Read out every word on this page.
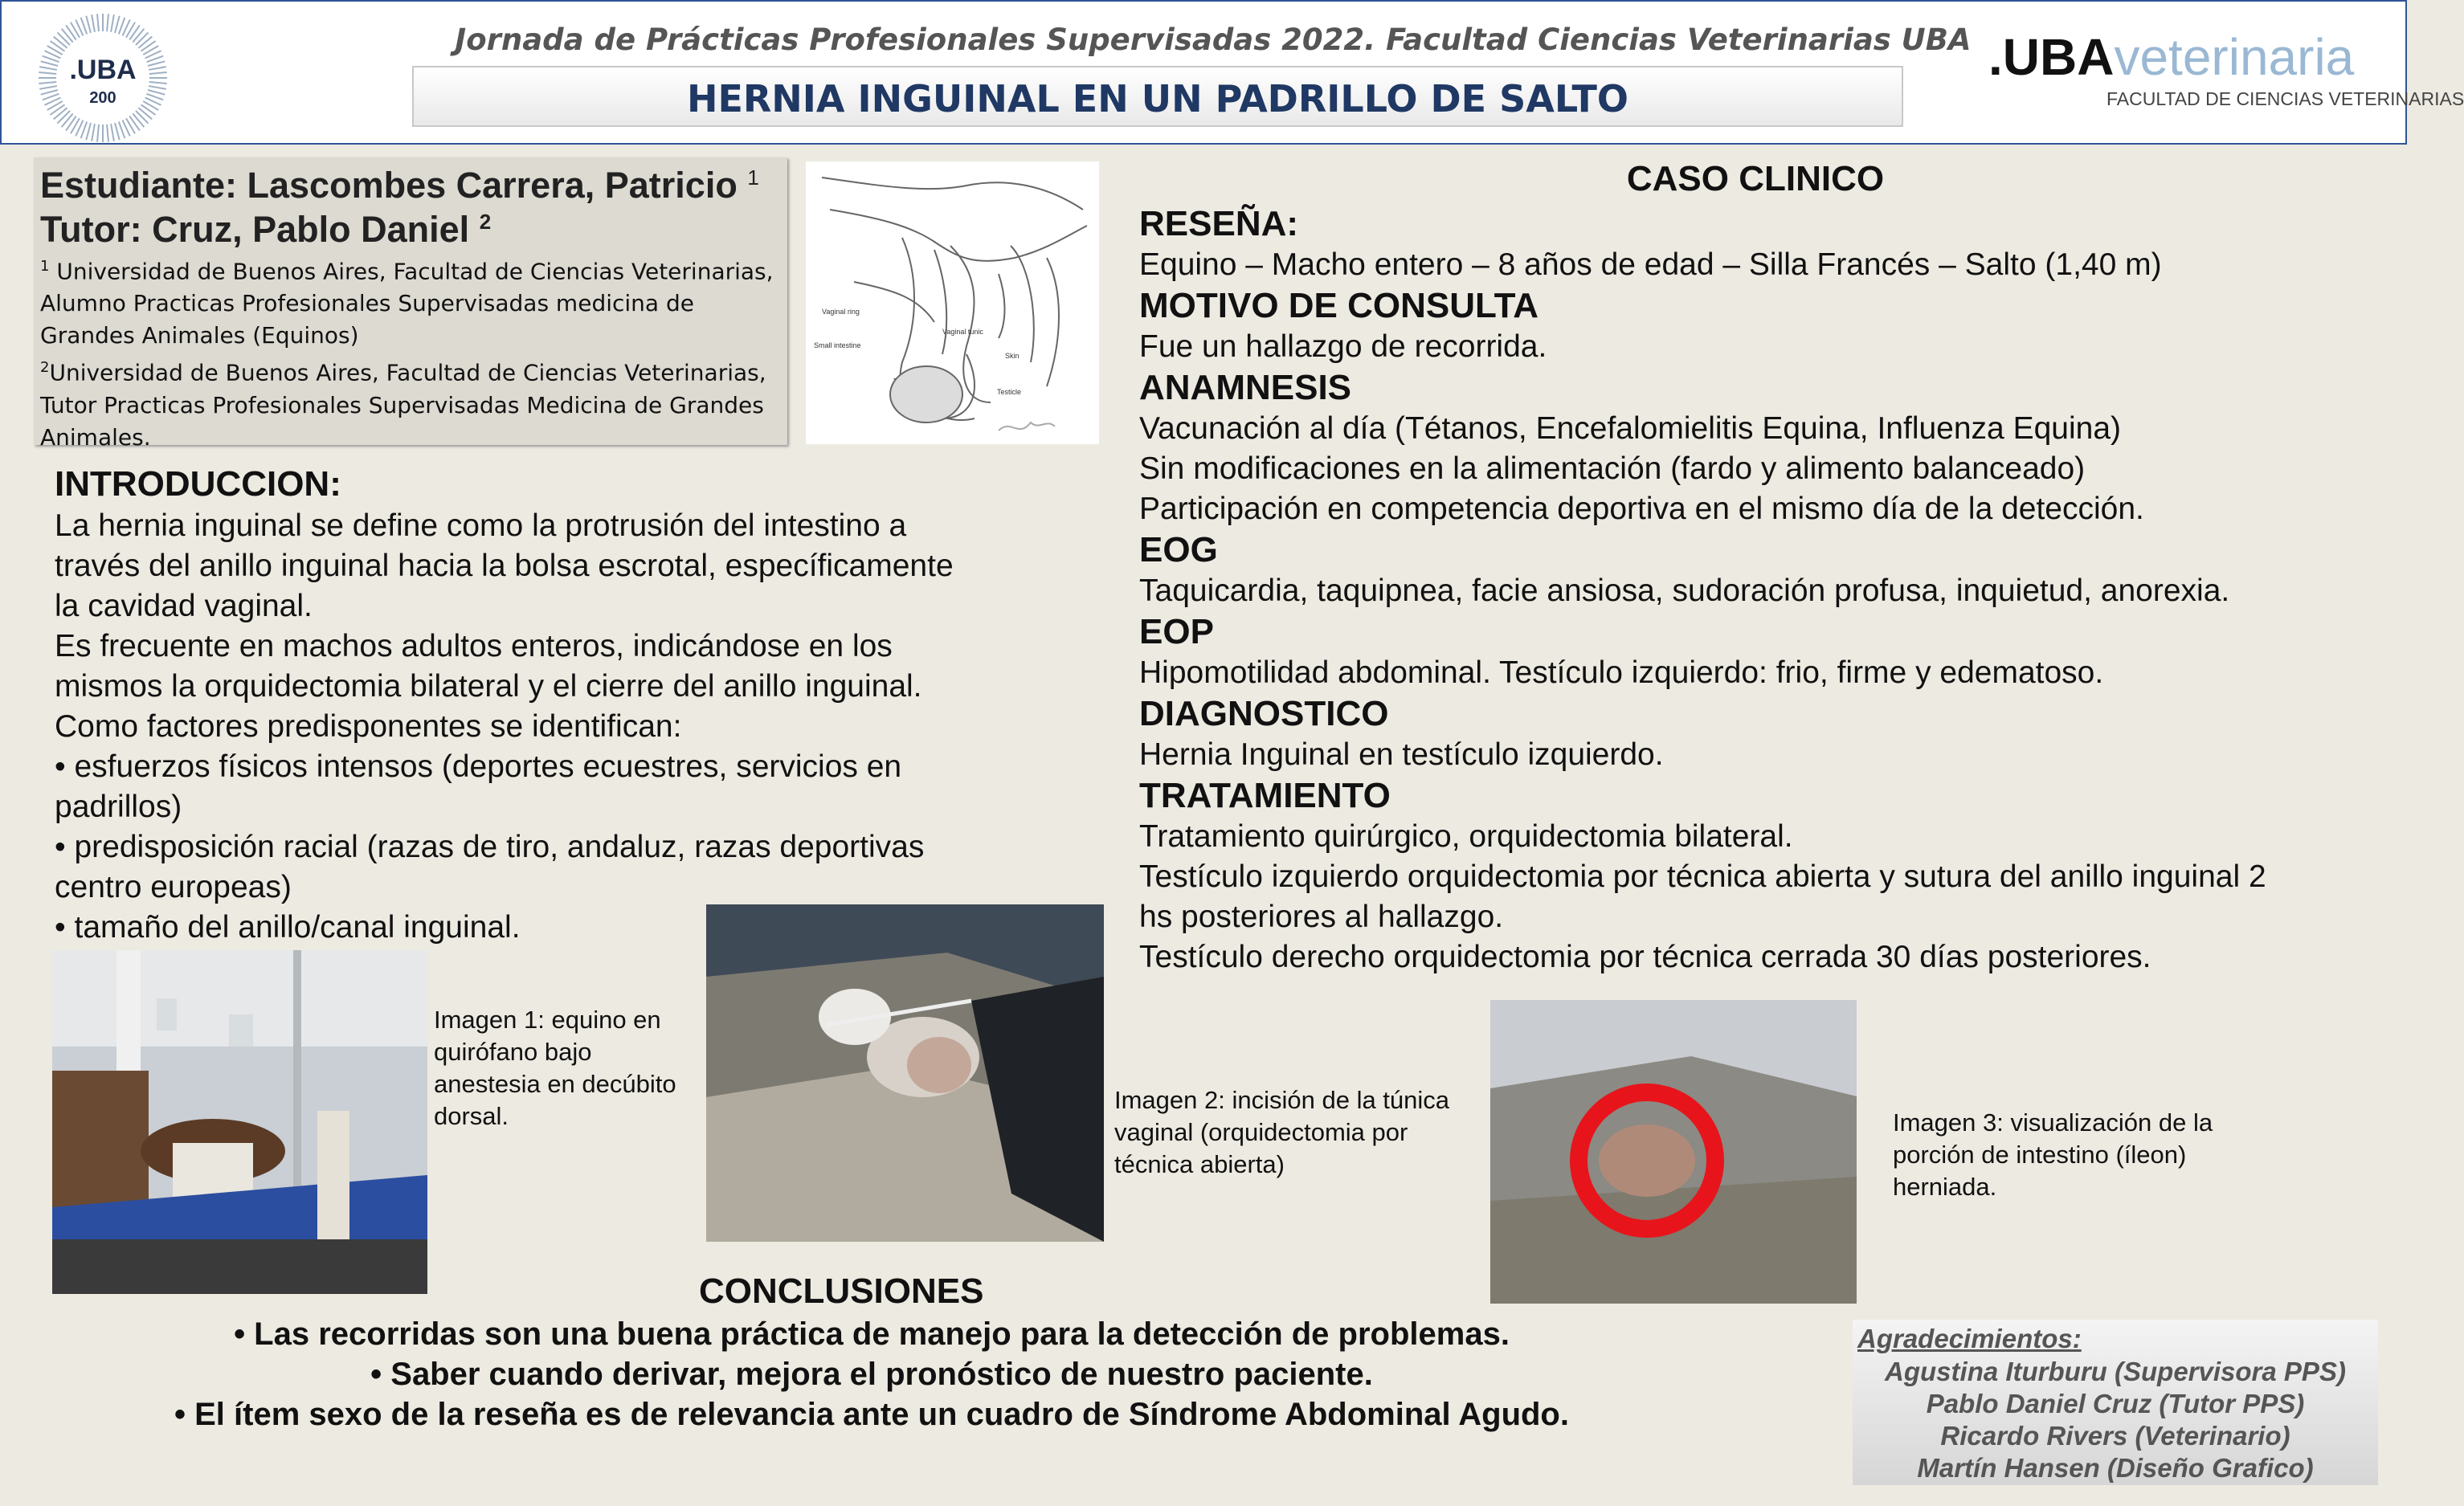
.UBA
200
Jornada de Prácticas Profesionales Supervisadas 2022. Facultad Ciencias Veterinarias UBA
HERNIA INGUINAL EN UN PADRILLO DE SALTO
.UBAveterinaria
FACULTAD DE CIENCIAS VETERINARIAS
Estudiante: Lascombes Carrera, Patricio $^1$
Tutor: Cruz, Pablo Daniel $^2$
$^1$ Universidad de Buenos Aires, Facultad de Ciencias Veterinarias, Alumno Practicas Profesionales Supervisadas medicina de Grandes Animales (Equinos)
$^2$Universidad de Buenos Aires, Facultad de Ciencias Veterinarias, Tutor Practicas Profesionales Supervisadas Medicina de Grandes Animales.
Vaginal ring
Small intestine
Vaginal tunic
Skin
Testicle
INTRODUCCION:
La hernia inguinal se define como la protrusión del intestino a
través del anillo inguinal hacia la bolsa escrotal, específicamente
la cavidad vaginal.
Es frecuente en machos adultos enteros, indicándose en los
mismos la orquidectomia bilateral y el cierre del anillo inguinal.
Como factores predisponentes se identifican:
• esfuerzos físicos intensos (deportes ecuestres, servicios en
padrillos)
• predisposición racial (razas de tiro, andaluz, razas deportivas
centro europeas)
• tamaño del anillo/canal inguinal.
Imagen 1: equino en quirófano bajo anestesia en decúbito dorsal.
Imagen 2: incisión de la túnica vaginal (orquidectomia por técnica abierta)
CASO CLINICO
RESEÑA:
Equino – Macho entero – 8 años de edad – Silla Francés – Salto (1,40 m)
MOTIVO DE CONSULTA
Fue un hallazgo de recorrida.
ANAMNESIS
Vacunación al día (Tétanos, Encefalomielitis Equina, Influenza Equina)
Sin modificaciones en la alimentación (fardo y alimento balanceado)
Participación en competencia deportiva en el mismo día de la detección.
EOG
Taquicardia, taquipnea, facie ansiosa, sudoración profusa, inquietud, anorexia.
EOP
Hipomotilidad abdominal. Testículo izquierdo: frio, firme y edematoso.
DIAGNOSTICO
Hernia Inguinal en testículo izquierdo.
TRATAMIENTO
Tratamiento quirúrgico, orquidectomia bilateral.
Testículo izquierdo orquidectomia por técnica abierta y sutura del anillo inguinal 2
hs posteriores al hallazgo.
Testículo derecho orquidectomia por técnica cerrada 30 días posteriores.
Imagen 3: visualización de la porción de intestino (íleon) herniada.
CONCLUSIONES
• Las recorridas son una buena práctica de manejo para la detección de problemas.
• Saber cuando derivar, mejora el pronóstico de nuestro paciente.
• El ítem sexo de la reseña es de relevancia ante un cuadro de Síndrome Abdominal Agudo.
Agradecimientos:
Agustina Iturburu (Supervisora PPS)
Pablo Daniel Cruz (Tutor PPS)
Ricardo Rivers (Veterinario)
Martín Hansen (Diseño Grafico)
